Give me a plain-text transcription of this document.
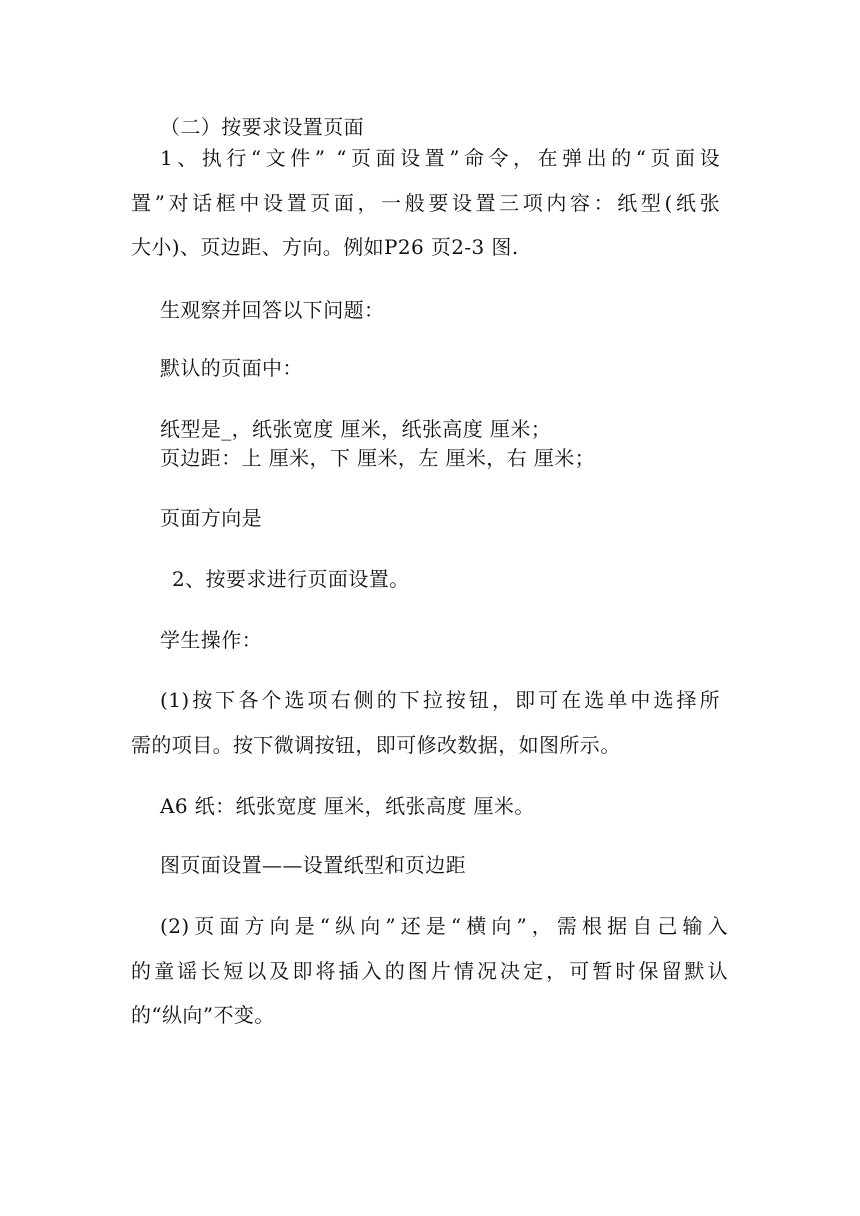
（二）按要求设置页面
1、执行“文件” “页面设置”命令，在弹出的“页面设
置”对话框中设置页面，一般要设置三项内容：纸型(纸张
大小)、页边距、方向。例如P26 页2-3 图.
生观察并回答以下问题：
默认的页面中：
纸型是_，纸张宽度 厘米，纸张高度 厘米；
页边距：上 厘米，下 厘米，左 厘米，右 厘米；
页面方向是
2、按要求进行页面设置。
学生操作：
(1)按下各个选项右侧的下拉按钮，即可在选单中选择所
需的项目。按下微调按钮，即可修改数据，如图所示。
A6 纸：纸张宽度 厘米，纸张高度 厘米。
图页面设置——设置纸型和页边距
(2)页面方向是“纵向”还是“横向”，需根据自己输入
的童谣长短以及即将插入的图片情况决定，可暂时保留默认
的“纵向”不变。
